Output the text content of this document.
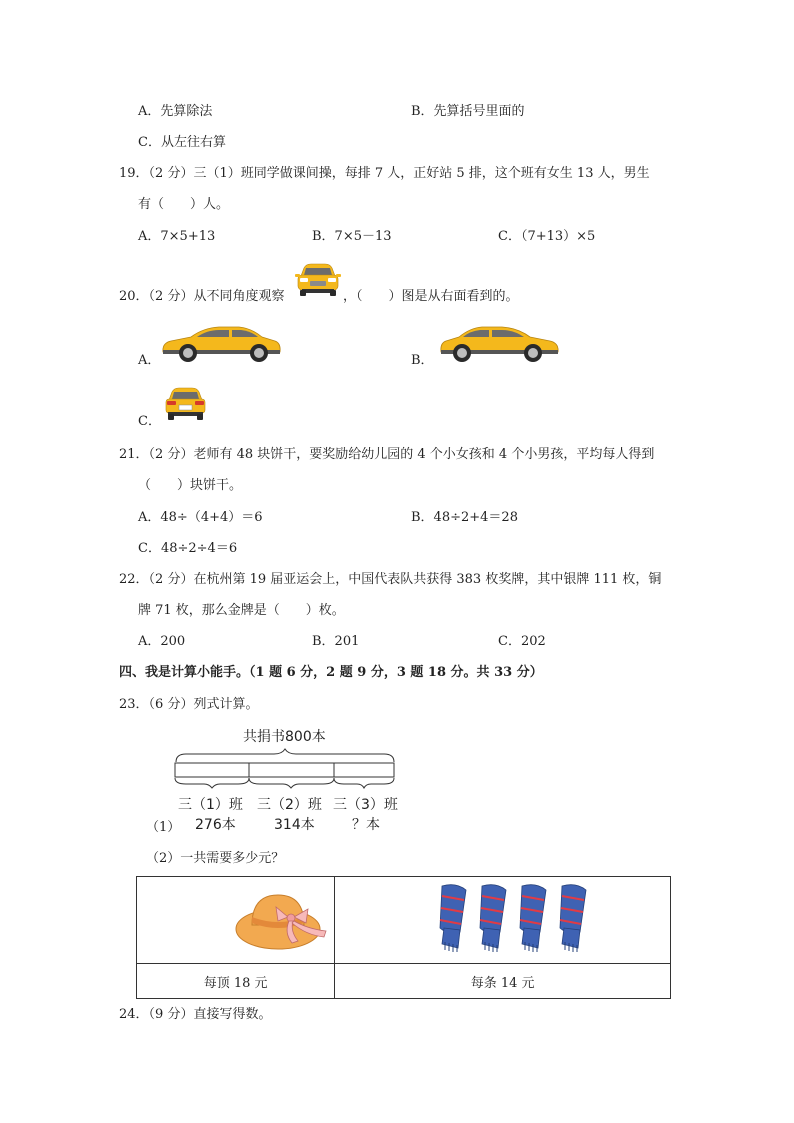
A．先算除法	B．先算括号里面的
C．从左往右算
19．（2 分）三（1）班同学做课间操，每排 7 人，正好站 5 排，这个班有女生 13 人，男生
有（　　）人。
A．7×5+13	B．7×5－13	C．（7+13）×5
20．（2 分）从不同角度观察	，（　　）图是从右面看到的。
A．	B．
C．
21．（2 分）老师有 48 块饼干，要奖励给幼儿园的 4 个小女孩和 4 个小男孩，平均每人得到
（　　）块饼干。
A．48÷（4+4）＝6	B．48÷2+4＝28
C．48÷2÷4＝6
22．（2 分）在杭州第 19 届亚运会上，中国代表队共获得 383 枚奖牌，其中银牌 111 枚，铜
牌 71 枚，那么金牌是（　　）枚。
A．200	B．201	C．202
四、我是计算小能手。（1 题 6 分，2 题 9 分，3 题 18 分。共 33 分）
23．（6 分）列式计算。
共捐书800本
三（1）班 三（2）班 三（3）班
（1） 276本	314本	？本
（2）一共需要多少元？

每顶 18 元	每条 14 元
24．（9 分）直接写得数。
